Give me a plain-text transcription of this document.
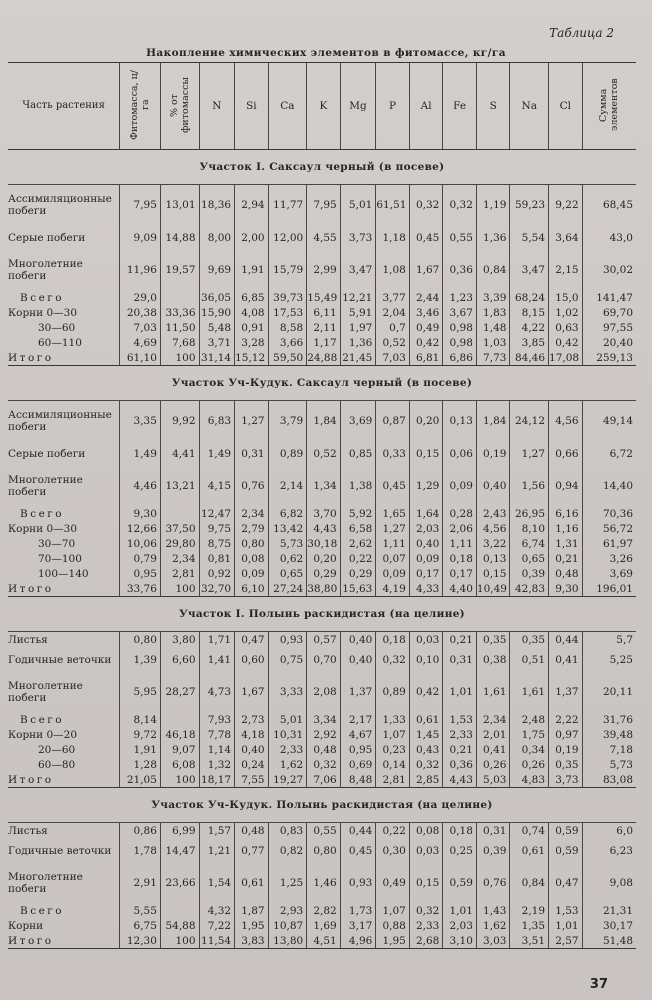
Таблица 2
Накопление химических элементов в фитомассе, кг/га
Часть растения	Фитомасса, ц/га	% от фитомассы	N	Si	Ca	K	Mg	P	Al	Fe	S	Na	Cl	Сумма элементов
Участок I. Саксаул черный (в посеве)														
Ассимиляционные побеги	7,95	13,01	18,36	2,94	11,77	7,95	5,01	61,51	0,32	0,32	1,19	59,23	9,22	68,45
Серые побеги	9,09	14,88	8,00	2,00	12,00	4,55	3,73	1,18	0,45	0,55	1,36	5,54	3,64	43,0
Многолетние побеги	11,96	19,57	9,69	1,91	15,79	2,99	3,47	1,08	1,67	0,36	0,84	3,47	2,15	30,02
Всего	29,0		36,05	6,85	39,73	15,49	12,21	3,77	2,44	1,23	3,39	68,24	15,0	141,47
Корни 0—30	20,38	33,36	15,90	4,08	17,53	6,11	5,91	2,04	3,46	3,67	1,83	8,15	1,02	69,70
30—60	7,03	11,50	5,48	0,91	8,58	2,11	1,97	0,7	0,49	0,98	1,48	4,22	0,63	97,55
60—110	4,69	7,68	3,71	3,28	3,66	1,17	1,36	0,52	0,42	0,98	1,03	3,85	0,42	20,40
Итого	61,10	100	31,14	15,12	59,50	24,88	21,45	7,03	6,81	6,86	7,73	84,46	17,08	259,13
Участок Уч-Кудук. Саксаул черный (в посеве)														
Ассимиляционные побеги	3,35	9,92	6,83	1,27	3,79	1,84	3,69	0,87	0,20	0,13	1,84	24,12	4,56	49,14
Серые побеги	1,49	4,41	1,49	0,31	0,89	0,52	0,85	0,33	0,15	0,06	0,19	1,27	0,66	6,72
Многолетние побеги	4,46	13,21	4,15	0,76	2,14	1,34	1,38	0,45	1,29	0,09	0,40	1,56	0,94	14,40
Всего	9,30		12,47	2,34	6,82	3,70	5,92	1,65	1,64	0,28	2,43	26,95	6,16	70,36
Корни 0—30	12,66	37,50	9,75	2,79	13,42	4,43	6,58	1,27	2,03	2,06	4,56	8,10	1,16	56,72
30—70	10,06	29,80	8,75	0,80	5,73	30,18	2,62	1,11	0,40	1,11	3,22	6,74	1,31	61,97
70—100	0,79	2,34	0,81	0,08	0,62	0,20	0,22	0,07	0,09	0,18	0,13	0,65	0,21	3,26
100—140	0,95	2,81	0,92	0,09	0,65	0,29	0,29	0,09	0,17	0,17	0,15	0,39	0,48	3,69
Итого	33,76	100	32,70	6,10	27,24	38,80	15,63	4,19	4,33	4,40	10,49	42,83	9,30	196,01
Участок I. Полынь раскидистая (на целине)														
Листья	0,80	3,80	1,71	0,47	0,93	0,57	0,40	0,18	0,03	0,21	0,35	0,35	0,44	5,7
Годичные веточки	1,39	6,60	1,41	0,60	0,75	0,70	0,40	0,32	0,10	0,31	0,38	0,51	0,41	5,25
Многолетние побеги	5,95	28,27	4,73	1,67	3,33	2,08	1,37	0,89	0,42	1,01	1,61	1,61	1,37	20,11
Всего	8,14		7,93	2,73	5,01	3,34	2,17	1,33	0,61	1,53	2,34	2,48	2,22	31,76
Корни 0—20	9,72	46,18	7,78	4,18	10,31	2,92	4,67	1,07	1,45	2,33	2,01	1,75	0,97	39,48
20—60	1,91	9,07	1,14	0,40	2,33	0,48	0,95	0,23	0,43	0,21	0,41	0,34	0,19	7,18
60—80	1,28	6,08	1,32	0,24	1,62	0,32	0,69	0,14	0,32	0,36	0,26	0,26	0,35	5,73
Итого	21,05	100	18,17	7,55	19,27	7,06	8,48	2,81	2,85	4,43	5,03	4,83	3,73	83,08
Участок Уч-Кудук. Полынь раскидистая (на целине)														
Листья	0,86	6,99	1,57	0,48	0,83	0,55	0,44	0,22	0,08	0,18	0,31	0,74	0,59	6,0
Годичные веточки	1,78	14,47	1,21	0,77	0,82	0,80	0,45	0,30	0,03	0,25	0,39	0,61	0,59	6,23
Многолетние побеги	2,91	23,66	1,54	0,61	1,25	1,46	0,93	0,49	0,15	0,59	0,76	0,84	0,47	9,08
Всего	5,55		4,32	1,87	2,93	2,82	1,73	1,07	0,32	1,01	1,43	2,19	1,53	21,31
Корни	6,75	54,88	7,22	1,95	10,87	1,69	3,17	0,88	2,33	2,03	1,62	1,35	1,01	30,17
Итого	12,30	100	11,54	3,83	13,80	4,51	4,96	1,95	2,68	3,10	3,03	3,51	2,57	51,48
37
